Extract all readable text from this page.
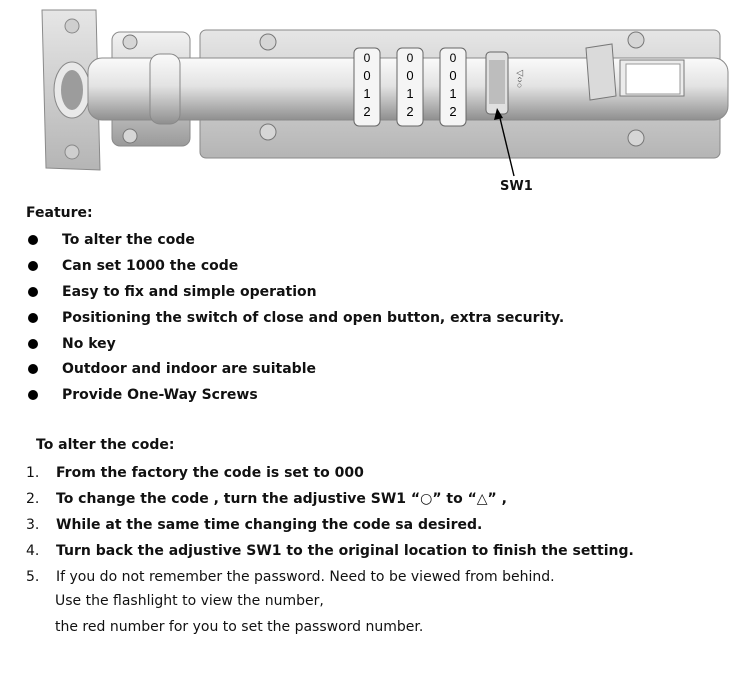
0
0
1
2
0
0
1
2
0
0
1
2
○‹›△
SW1
Feature:
To alter the code
Can set 1000 the code
Easy to fix and simple operation
Positioning the switch of close and open button, extra security.
No key
Outdoor and indoor are suitable
Provide One-Way Screws
To alter the code:
1. From the factory the code is set to 000
2. To change the code , turn the adjustive SW1 “○” to “△” ,
3. While at the same time changing the code sa desired.
4. Turn back the adjustive SW1 to the original location to finish the setting.
5. If you do not remember the password. Need to be viewed from behind.
Use the flashlight to view the number,
the red number for you to set the password number.
